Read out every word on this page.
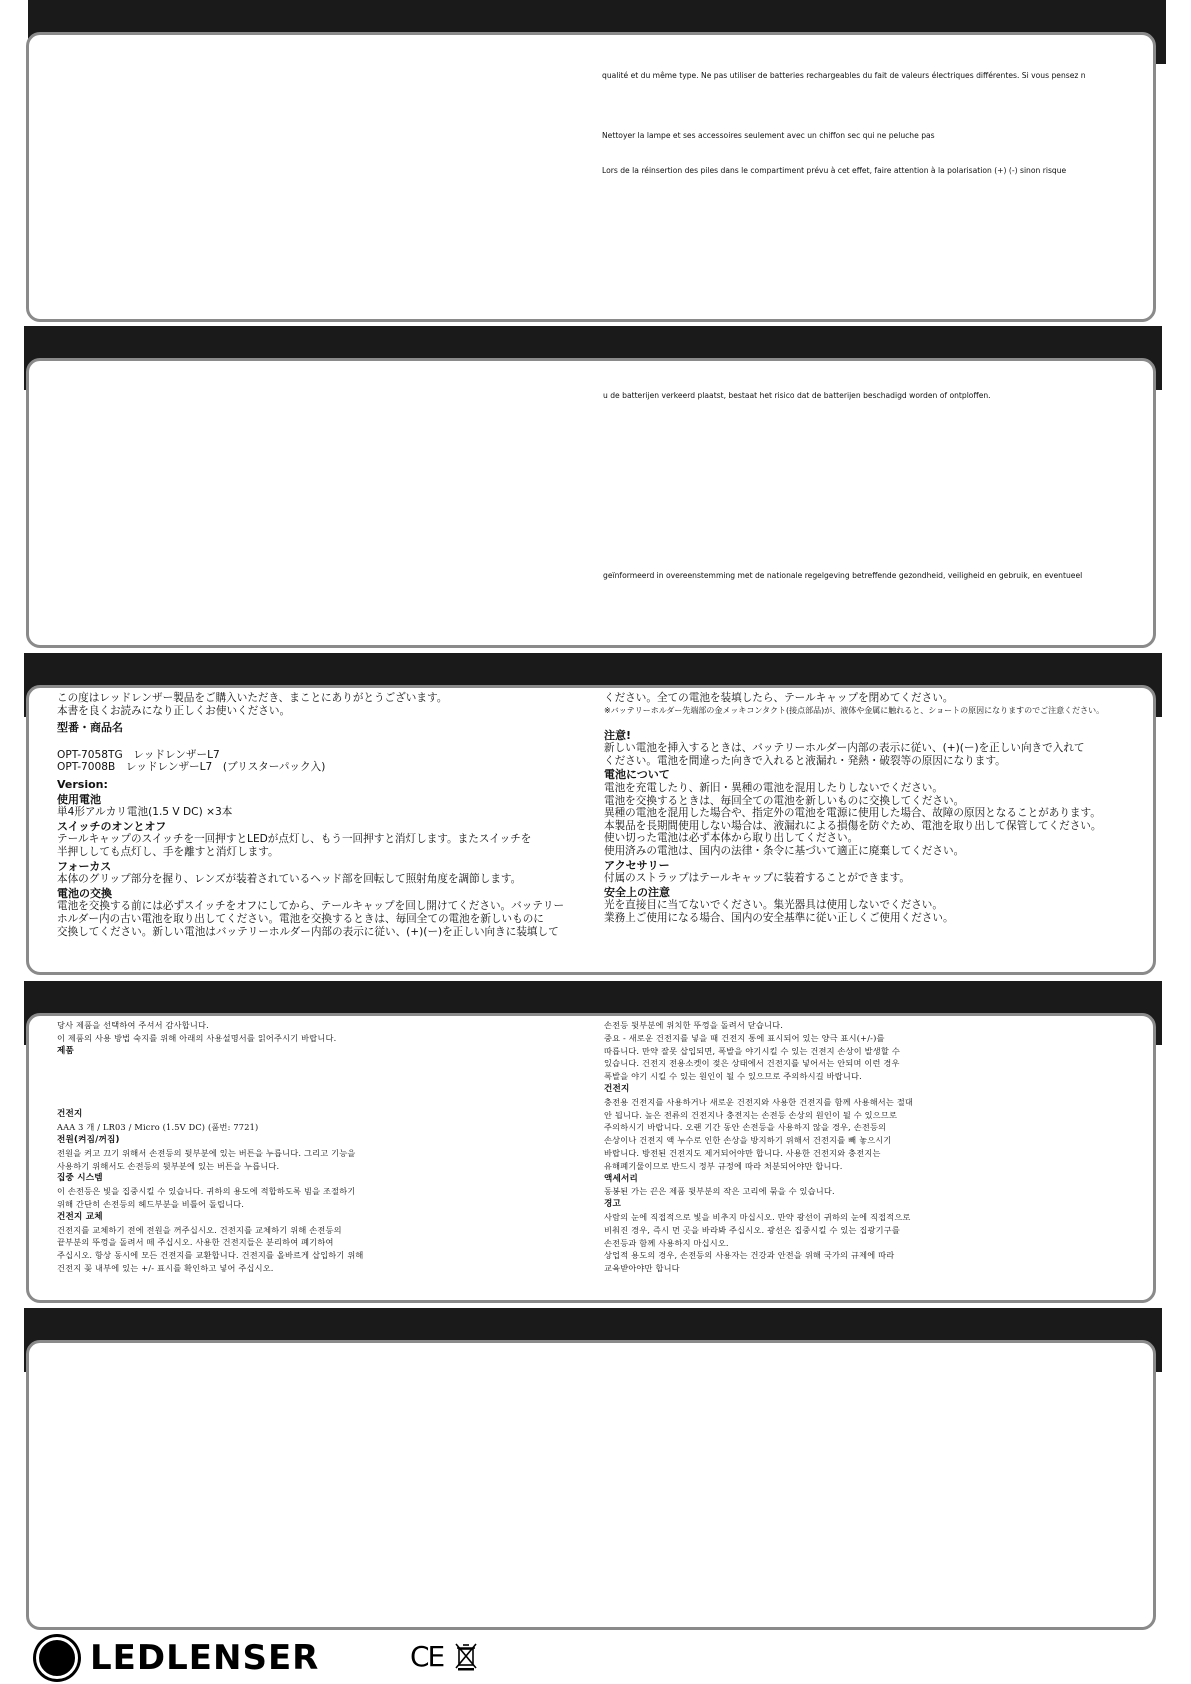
qualité et du même type. Ne pas utiliser de batteries rechargeables du fait de valeurs électriques différentes. Si vous pensez n
Nettoyer la lampe et ses accessoires seulement avec un chiffon sec qui ne peluche pas
Lors de la réinsertion des piles dans le compartiment prévu à cet effet, faire attention à la polarisation (+) (-) sinon risque
u de batterijen verkeerd plaatst, bestaat het risico dat de batterijen beschadigd worden of ontploffen.
geïnformeerd in overeenstemming met de nationale regelgeving betreffende gezondheid, veiligheid en gebruik, en eventueel

この度はレッドレンザー製品をご購入いただき、まことにありがとうございます。

本書を良くお読みになり正しくお使いください。

型番・商品名

OPT-7058TG　レッドレンザーL7

OPT-7008B　レッドレンザーL7　(ブリスターパック入)

Version:

使用電池

単4形アルカリ電池(1.5 V DC) ×3本

スイッチのオンとオフ

テールキャップのスイッチを一回押すとLEDが点灯し、もう一回押すと消灯します。またスイッチを

半押ししても点灯し、手を離すと消灯します。

フォーカス

本体のグリップ部分を握り、レンズが装着されているヘッド部を回転して照射角度を調節します。

電池の交換

電池を交換する前には必ずスイッチをオフにしてから、テールキャップを回し開けてください。バッテリー

ホルダー内の古い電池を取り出してください。電池を交換するときは、毎回全ての電池を新しいものに

交換してください。新しい電池はバッテリーホルダー内部の表示に従い、(+)(ー)を正しい向きに装填して

ください。全ての電池を装填したら、テールキャップを閉めてください。

※バッテリーホルダー先端部の金メッキコンタクト(接点部品)が、液体や金属に触れると、ショートの原因になりますのでご注意ください。

注意!

新しい電池を挿入するときは、バッテリーホルダー内部の表示に従い、(+)(ー)を正しい向きで入れて

ください。電池を間違った向きで入れると液漏れ・発熱・破裂等の原因になります。

電池について

電池を充電したり、新旧・異種の電池を混用したりしないでください。

電池を交換するときは、毎回全ての電池を新しいものに交換してください。

異種の電池を混用した場合や、指定外の電池を電源に使用した場合、故障の原因となることがあります。

本製品を長期間使用しない場合は、液漏れによる損傷を防ぐため、電池を取り出して保管してください。

使い切った電池は必ず本体から取り出してください。

使用済みの電池は、国内の法律・条令に基づいて適正に廃棄してください。

アクセサリー

付属のストラップはテールキャップに装着することができます。

安全上の注意

光を直接目に当てないでください。集光器具は使用しないでください。

業務上ご使用になる場合、国内の安全基準に従い正しくご使用ください。

당사 제품을 선택하여 주셔서 감사합니다.

이 제품의 사용 방법 숙지를 위해 아래의 사용설명서를 읽어주시기 바랍니다.

제품

건전지

AAA 3 개 / LR03 / Micro (1.5V DC) (품번: 7721)

전원(켜짐/꺼짐)

전원을 켜고 끄기 위해서 손전등의 뒷부분에 있는 버튼을 누릅니다. 그리고 기능을

사용하기 위해서도 손전등의 뒷부분에 있는 버튼을 누릅니다.

집중 시스템

이 손전등은 빛을 집중시킬 수 있습니다. 귀하의 용도에 적합하도록 빔을 조절하기

위해 간단히 손전등의 헤드부분을 비틀어 돌립니다.

건전지 교체

건전지를 교체하기 전에 전원을 꺼주십시오. 건전지를 교체하기 위해 손전등의

끝부분의 뚜껑을 돌려서 떼 주십시오. 사용한 건전지들은 분리하여 폐기하여

주십시오. 항상 동시에 모든 건전지를 교환합니다. 건전지를 올바르게 삽입하기 위해

건전지 꽂 내부에 있는 +/- 표시를 확인하고 넣어 주십시오.

손전등 뒷부분에 위치한 뚜껑을 돌려서 닫습니다.

중요 - 새로운 건전지를 넣을 때 건전지 통에 표시되어 있는 양극 표시(+/-)를

따릅니다. 만약 잘못 삽입되면, 폭발을 야기시킬 수 있는 건전지 손상이 발생할 수

있습니다. 건전지 전용소켓이 젖은 상태에서 건전지를 넣어서는 안되며 이런 경우

폭발을 야기 시킬 수 있는 원인이 될 수 있으므로 주의하시길 바랍니다.

건전지

충전용 건전지를 사용하거나 새로운 건전지와 사용한 건전지를 함께 사용해서는 절대

안 됩니다. 높은 전류의 건전지나 충전지는 손전등 손상의 원인이 될 수 있으므로

주의하시기 바랍니다. 오랜 기간 동안 손전등을 사용하지 않을 경우, 손전등의

손상이나 건전지 액 누수로 인한 손상을 방지하기 위해서 건전지를 빼 놓으시기

바랍니다. 방전된 건전지도 제거되어야만 합니다. 사용한 건전지와 충전지는

유해폐기물이므로 반드시 정부 규정에 따라 처분되어야만 합니다.

액세서리

동봉된 가는 끈은 제품 뒷부분의 작은 고리에 묶을 수 있습니다.

경고

사람의 눈에 직접적으로 빛을 비추지 마십시오. 만약 광선이 귀하의 눈에 직접적으로

비춰진 경우, 즉시 먼 곳을 바라봐 주십시오. 광선은 집중시킬 수 있는 집광기구를

손전등과 함께 사용하지 마십시오.

상업적 용도의 경우, 손전등의 사용자는 건강과 안전을 위해 국가의 규제에 따라

교육받아야만 합니다

LEDLENSER	CE
